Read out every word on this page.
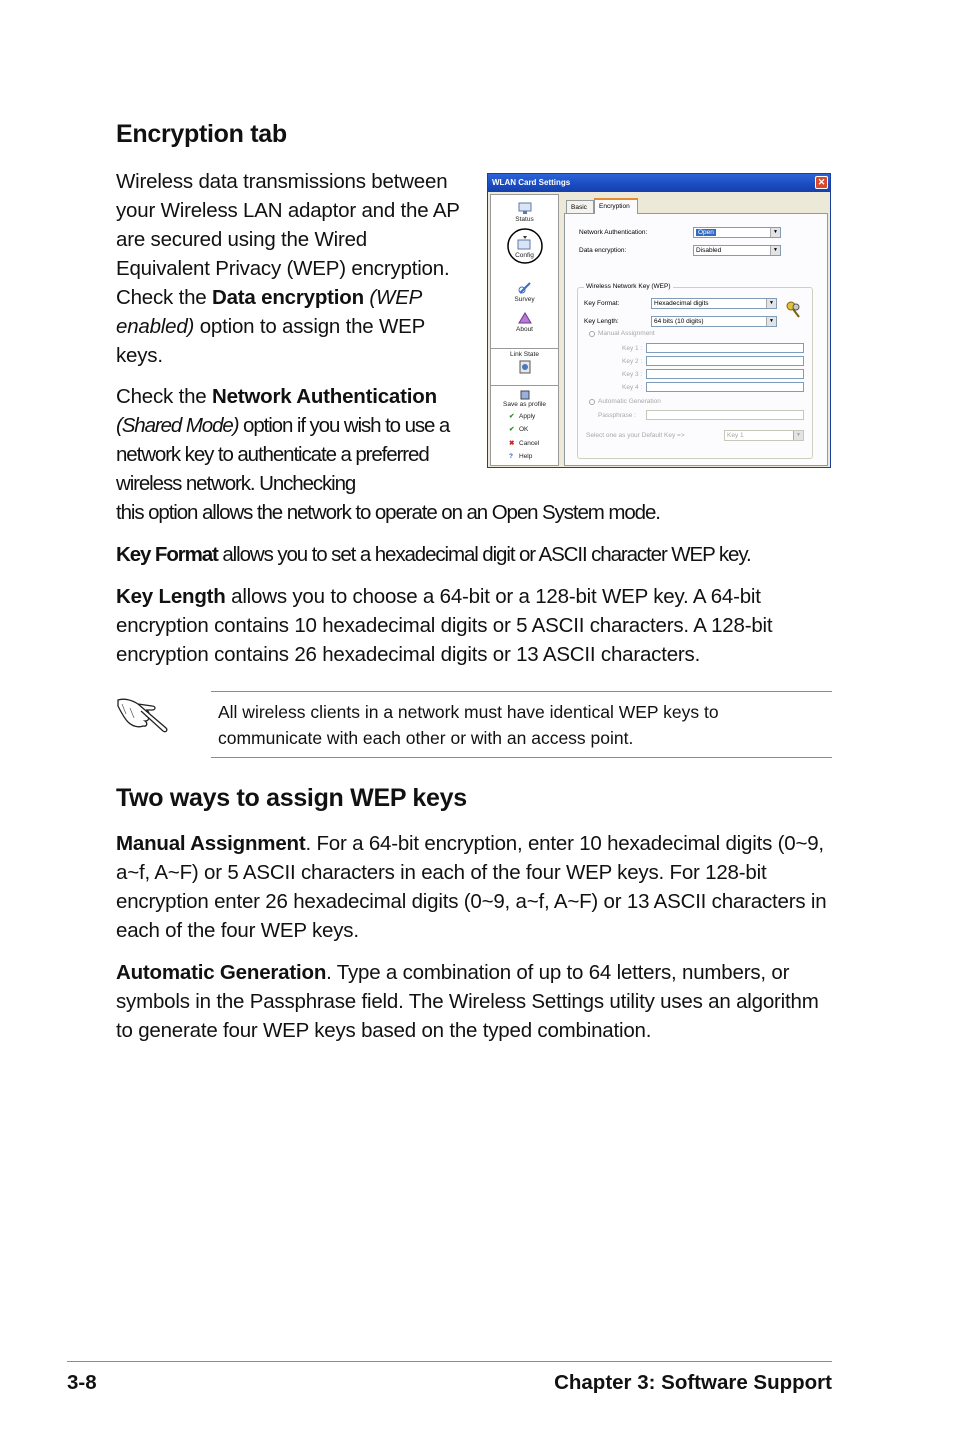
Encryption tab

Wireless data transmissions between your Wireless LAN adaptor and the AP are secured using the Wired Equivalent Privacy (WEP) encryption. Check the Data encryption (WEP enabled) option to assign the WEP keys.

Check the Network Authentication (Shared Mode) option if you wish to use a network key to authenticate a preferred wireless network. Unchecking

this option allows the network to operate on an Open System mode.

WLAN Card Settings	✕
Status
Config
Survey
About
Link State
Save as profile
✔ Apply
✔ OK
✖ Cancel
? Help
Basic	Encryption
Network Authentication:	Open	▼
Data encryption:	Disabled	▼
Wireless Network Key (WEP)
Key Format:	Hexadecimal digits	▼
Key Length:	64 bits (10 digits)	▼
Manual Assignment
Key 1 :
Key 2 :
Key 3 :
Key 4 :
Automatic Generation
Passphrase :
Select one as your Default Key =>	Key 1	▼

Key Format allows you to set a hexadecimal digit or ASCII character WEP key.

Key Length allows you to choose a 64-bit or a 128-bit WEP key. A 64-bit encryption contains 10 hexadecimal digits or 5 ASCII characters. A 128-bit encryption contains 26 hexadecimal digits or 13 ASCII characters.

All wireless clients in a network must have identical WEP keys to communicate with each other or with an access point.

Two ways to assign WEP keys

Manual Assignment. For a 64-bit encryption, enter 10 hexadecimal digits (0~9, a~f, A~F) or 5 ASCII characters in each of the four WEP keys. For 128-bit encryption enter 26 hexadecimal digits (0~9, a~f, A~F) or 13 ASCII characters in each of the four WEP keys.

Automatic Generation. Type a combination of up to 64 letters, numbers, or symbols in the Passphrase field. The Wireless Settings utility uses an algorithm to generate four WEP keys based on the typed combination.

3-8	Chapter 3: Software Support
